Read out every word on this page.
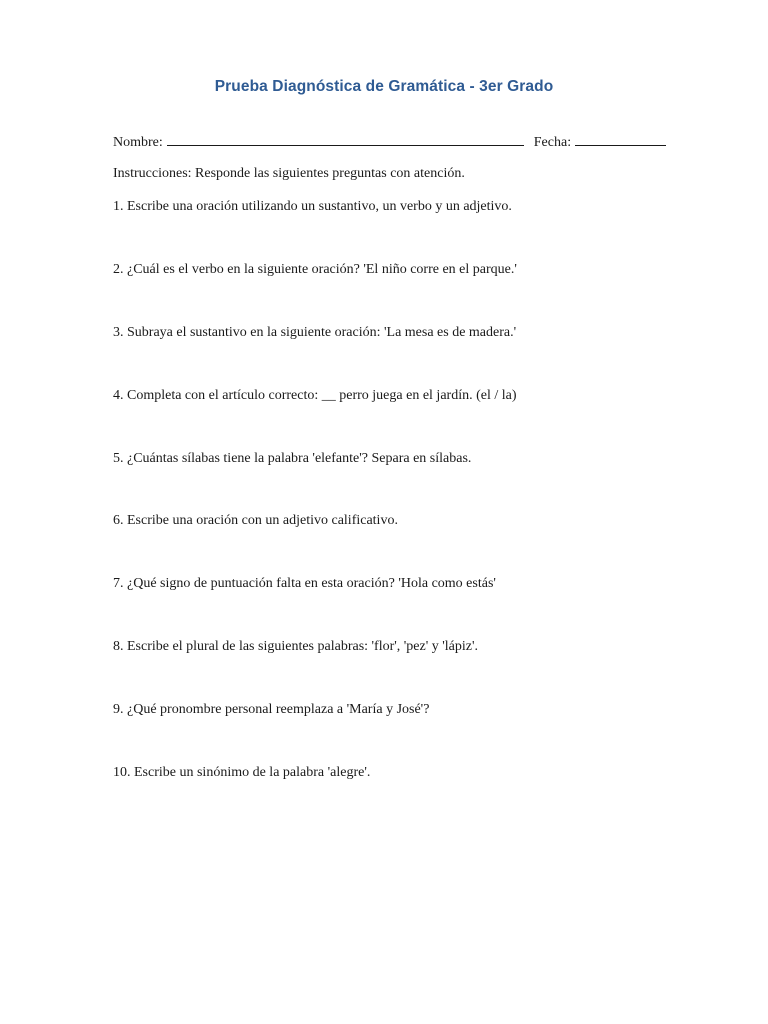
Prueba Diagnóstica de Gramática - 3er Grado
Nombre:	Fecha:
Instrucciones: Responde las siguientes preguntas con atención.
1. Escribe una oración utilizando un sustantivo, un verbo y un adjetivo.
2. ¿Cuál es el verbo en la siguiente oración? 'El niño corre en el parque.'
3. Subraya el sustantivo en la siguiente oración: 'La mesa es de madera.'
4. Completa con el artículo correcto: __ perro juega en el jardín. (el / la)
5. ¿Cuántas sílabas tiene la palabra 'elefante'? Separa en sílabas.
6. Escribe una oración con un adjetivo calificativo.
7. ¿Qué signo de puntuación falta en esta oración? 'Hola como estás'
8. Escribe el plural de las siguientes palabras: 'flor', 'pez' y 'lápiz'.
9. ¿Qué pronombre personal reemplaza a 'María y José'?
10. Escribe un sinónimo de la palabra 'alegre'.
